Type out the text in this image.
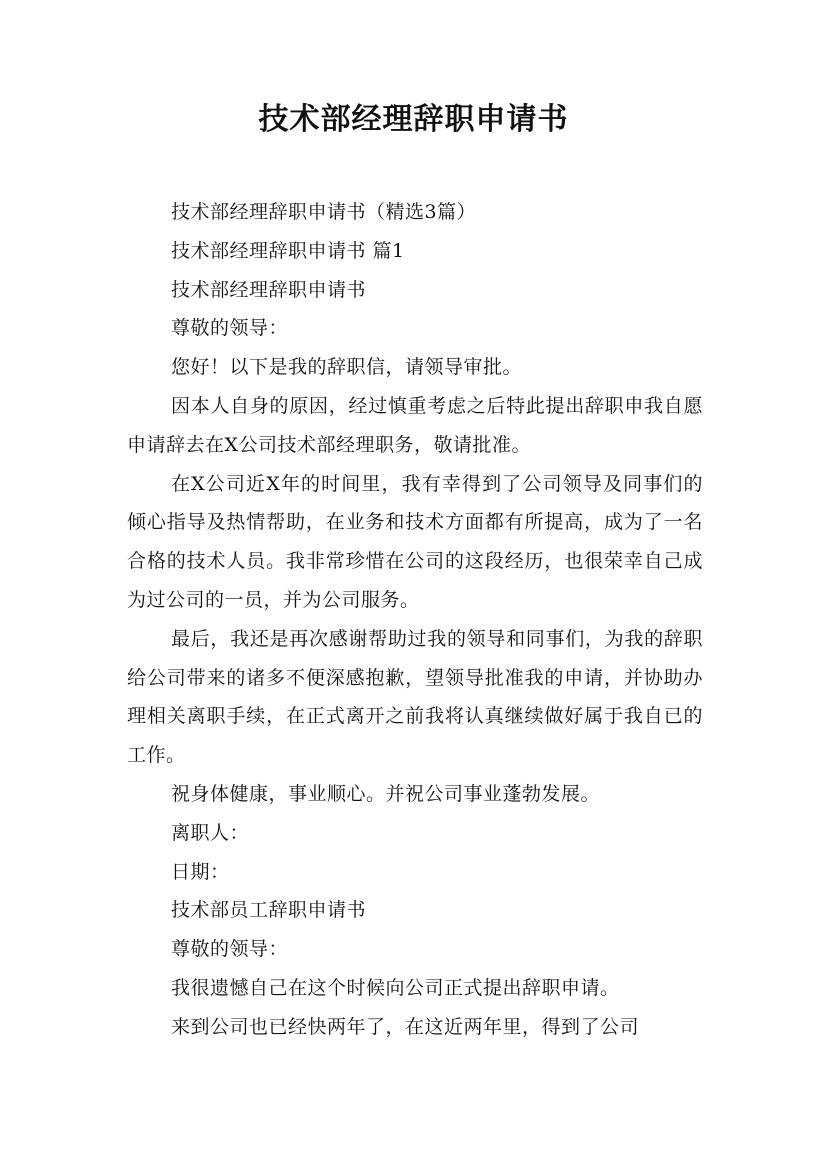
技术部经理辞职申请书

技术部经理辞职申请书（精选3篇）

技术部经理辞职申请书 篇1

技术部经理辞职申请书

尊敬的领导：

您好！以下是我的辞职信，请领导审批。

因本人自身的原因，经过慎重考虑之后特此提出辞职申我自愿申请辞去在X公司技术部经理职务，敬请批准。

在X公司近X年的时间里，我有幸得到了公司领导及同事们的倾心指导及热情帮助，在业务和技术方面都有所提高，成为了一名合格的技术人员。我非常珍惜在公司的这段经历，也很荣幸自己成为过公司的一员，并为公司服务。

最后，我还是再次感谢帮助过我的领导和同事们，为我的辞职给公司带来的诸多不便深感抱歉，望领导批准我的申请，并协助办理相关离职手续，在正式离开之前我将认真继续做好属于我自已的工作。

祝身体健康，事业顺心。并祝公司事业蓬勃发展。

离职人：

日期：

技术部员工辞职申请书

尊敬的领导：

我很遗憾自己在这个时候向公司正式提出辞职申请。

来到公司也已经快两年了，在这近两年里，得到了公司
